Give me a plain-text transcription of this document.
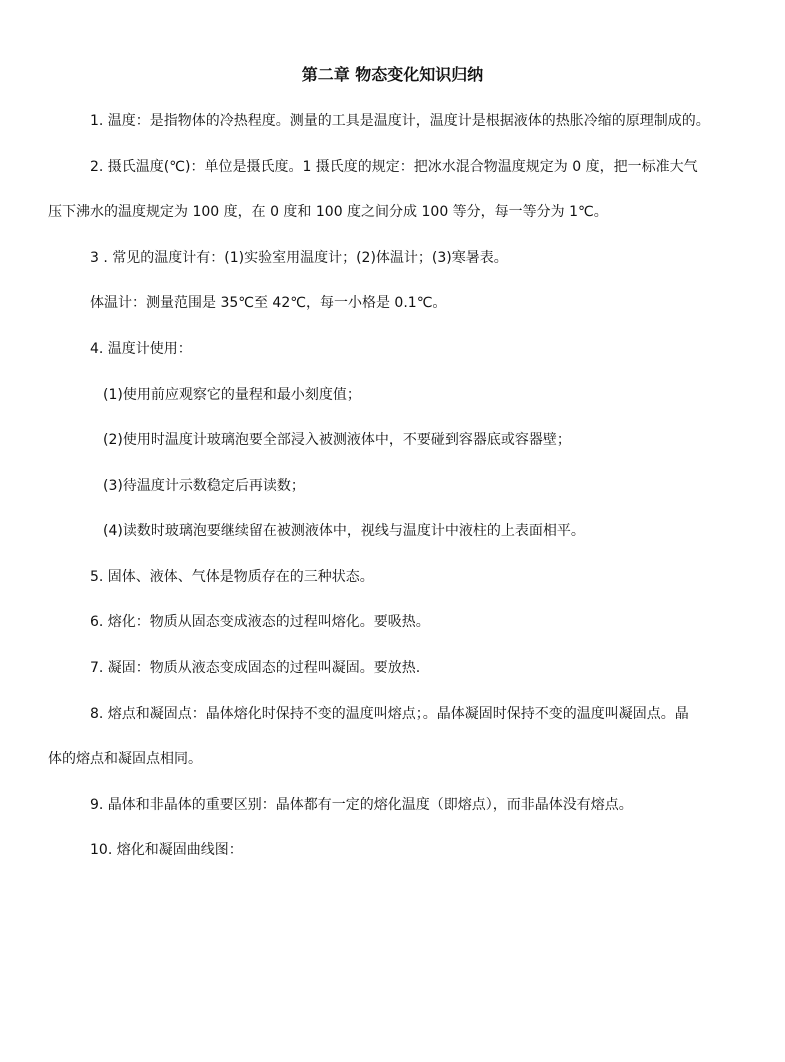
第二章 物态变化知识归纳
1. 温度：是指物体的冷热程度。测量的工具是温度计，温度计是根据液体的热胀冷缩的原理制成的。
2. 摄氏温度(℃)：单位是摄氏度。1 摄氏度的规定：把冰水混合物温度规定为 0 度，把一标准大气
压下沸水的温度规定为 100 度，在 0 度和 100 度之间分成 100 等分，每一等分为 1℃。
3 . 常见的温度计有：(1)实验室用温度计；(2)体温计；(3)寒暑表。
体温计：测量范围是 35℃至 42℃，每一小格是 0.1℃。
4. 温度计使用：
(1)使用前应观察它的量程和最小刻度值；
(2)使用时温度计玻璃泡要全部浸入被测液体中，不要碰到容器底或容器壁；
(3)待温度计示数稳定后再读数；
(4)读数时玻璃泡要继续留在被测液体中，视线与温度计中液柱的上表面相平。
5. 固体、液体、气体是物质存在的三种状态。
6. 熔化：物质从固态变成液态的过程叫熔化。要吸热。
7. 凝固：物质从液态变成固态的过程叫凝固。要放热.
8. 熔点和凝固点：晶体熔化时保持不变的温度叫熔点；。晶体凝固时保持不变的温度叫凝固点。晶
体的熔点和凝固点相同。
9. 晶体和非晶体的重要区别：晶体都有一定的熔化温度（即熔点），而非晶体没有熔点。
10. 熔化和凝固曲线图：
